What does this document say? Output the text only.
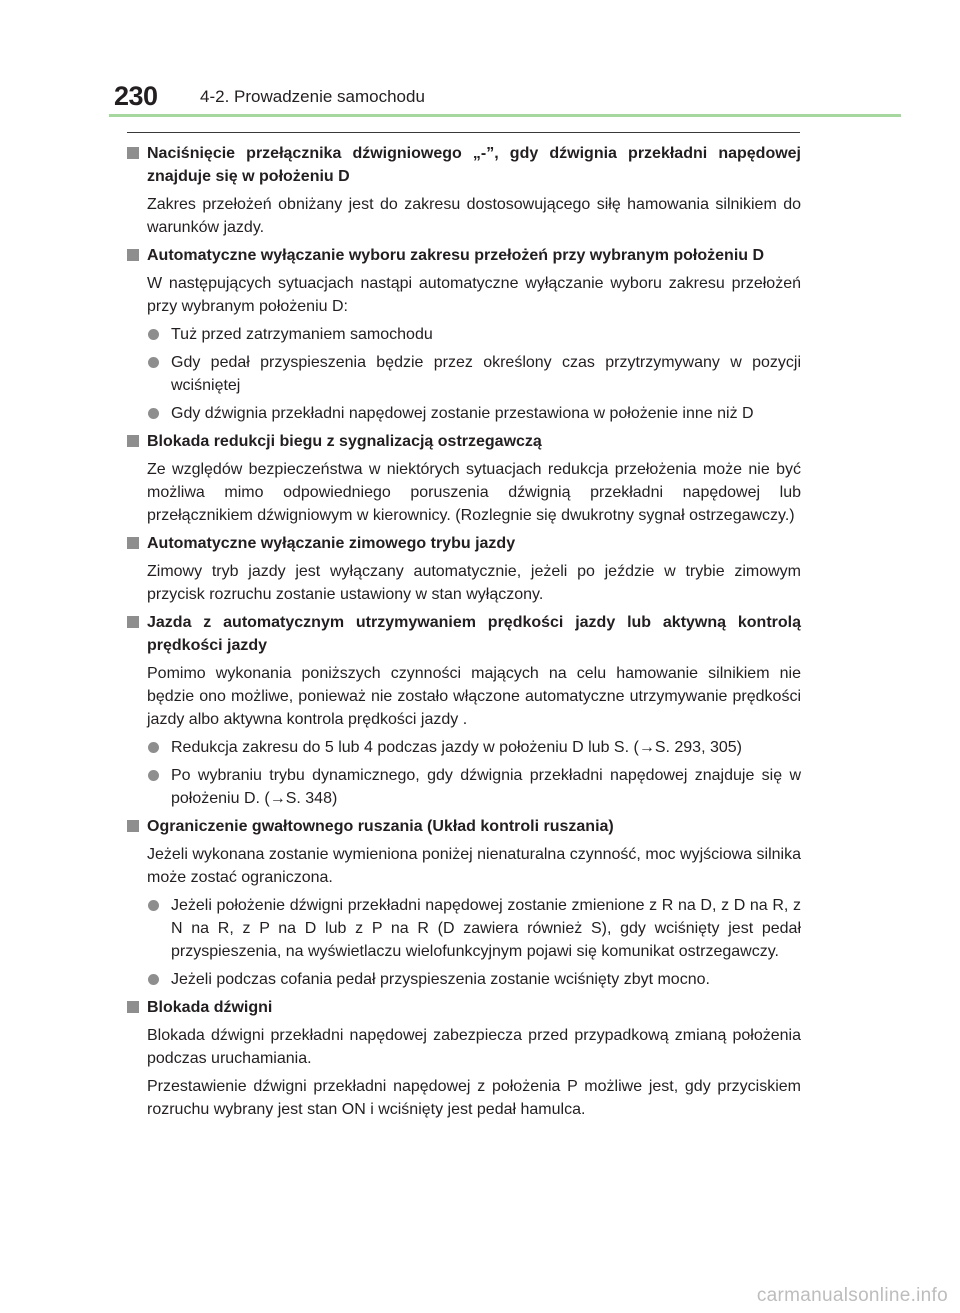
230 4-2. Prowadzenie samochodu
Naciśnięcie przełącznika dźwigniowego „-”, gdy dźwignia przekładni napędowej znajduje się w położeniu D
Zakres przełożeń obniżany jest do zakresu dostosowującego siłę hamowania silnikiem do warunków jazdy.
Automatyczne wyłączanie wyboru zakresu przełożeń przy wybranym położeniu D
W następujących sytuacjach nastąpi automatyczne wyłączanie wyboru zakresu przełożeń przy wybranym położeniu D:
Tuż przed zatrzymaniem samochodu
Gdy pedał przyspieszenia będzie przez określony czas przytrzymywany w pozycji wciśniętej
Gdy dźwignia przekładni napędowej zostanie przestawiona w położenie inne niż D
Blokada redukcji biegu z sygnalizacją ostrzegawczą
Ze względów bezpieczeństwa w niektórych sytuacjach redukcja przełożenia może nie być możliwa mimo odpowiedniego poruszenia dźwignią przekładni napędowej lub przełącznikiem dźwigniowym w kierownicy. (Rozlegnie się dwukrotny sygnał ostrzegawczy.)
Automatyczne wyłączanie zimowego trybu jazdy
Zimowy tryb jazdy jest wyłączany automatycznie, jeżeli po jeździe w trybie zimowym przycisk rozruchu zostanie ustawiony w stan wyłączony.
Jazda z automatycznym utrzymywaniem prędkości jazdy lub aktywną kontrolą prędkości jazdy
Pomimo wykonania poniższych czynności mających na celu hamowanie silnikiem nie będzie ono możliwe, ponieważ nie zostało włączone automatyczne utrzymywanie prędkości jazdy albo aktywna kontrola prędkości jazdy .
Redukcja zakresu do 5 lub 4 podczas jazdy w położeniu D lub S. (→S. 293, 305)
Po wybraniu trybu dynamicznego, gdy dźwignia przekładni napędowej znajduje się w położeniu D. (→S. 348)
Ograniczenie gwałtownego ruszania (Układ kontroli ruszania)
Jeżeli wykonana zostanie wymieniona poniżej nienaturalna czynność, moc wyjściowa silnika może zostać ograniczona.
Jeżeli położenie dźwigni przekładni napędowej zostanie zmienione z R na D, z D na R, z N na R, z P na D lub z P na R (D zawiera również S), gdy wciśnięty jest pedał przyspieszenia, na wyświetlaczu wielofunkcyjnym pojawi się komunikat ostrzegawczy.
Jeżeli podczas cofania pedał przyspieszenia zostanie wciśnięty zbyt mocno.
Blokada dźwigni
Blokada dźwigni przekładni napędowej zabezpiecza przed przypadkową zmianą położenia podczas uruchamiania.
Przestawienie dźwigni przekładni napędowej z położenia P możliwe jest, gdy przyciskiem rozruchu wybrany jest stan ON i wciśnięty jest pedał hamulca.
carmanualsonline.info
